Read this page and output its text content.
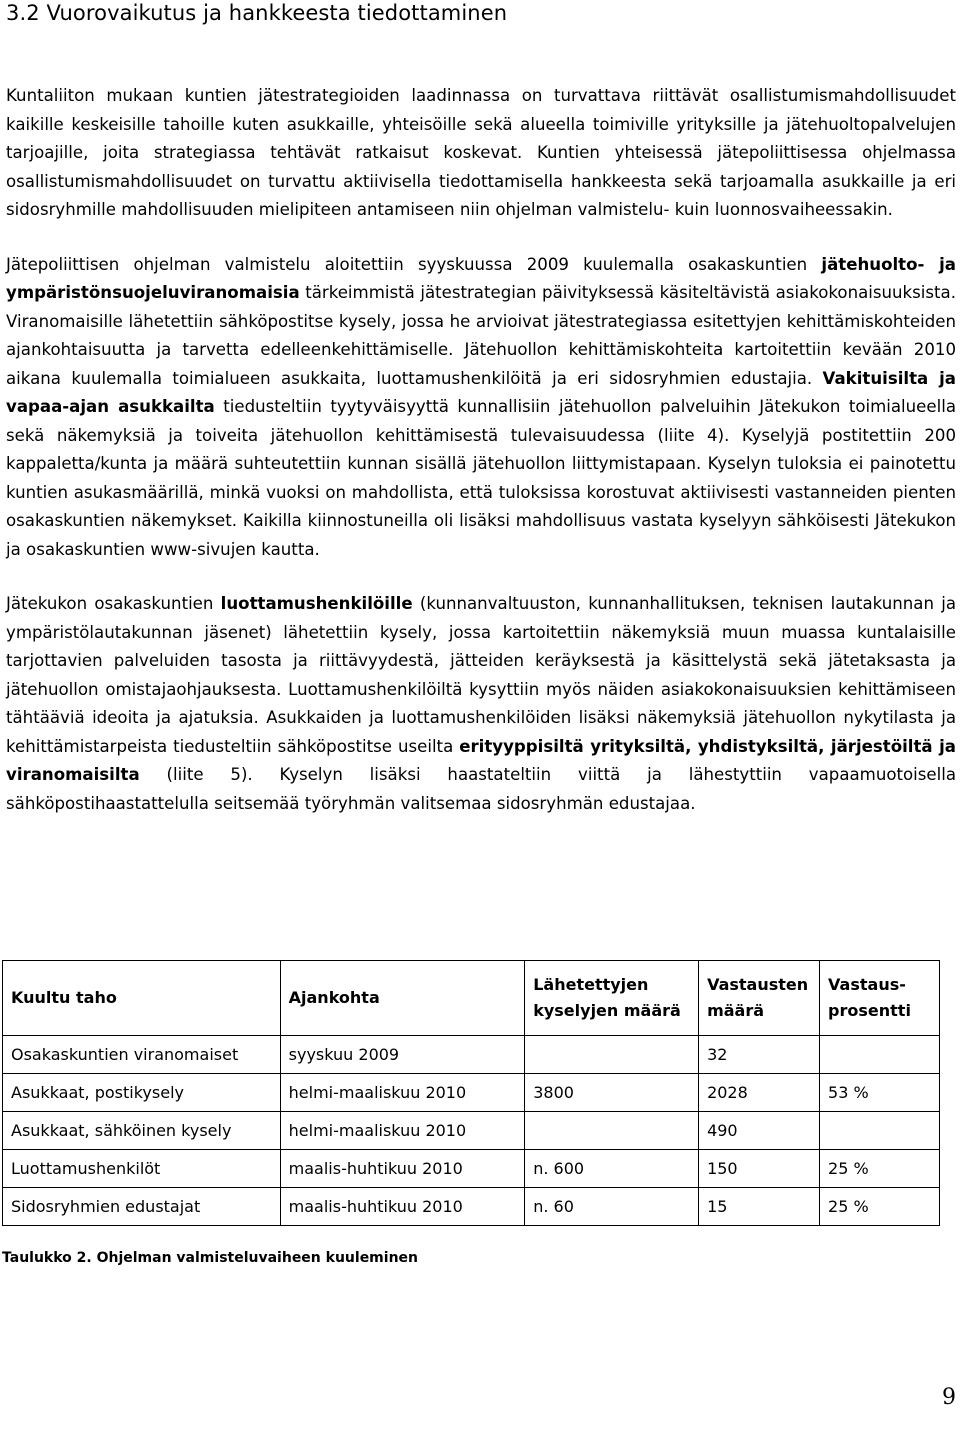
3.2 Vuorovaikutus ja hankkeesta tiedottaminen

Kuntaliiton mukaan kuntien jätestrategioiden laadinnassa on turvattava riittävät osallistumismahdollisuudet kaikille keskeisille tahoille kuten asukkaille, yhteisöille sekä alueella toimiville yrityksille ja jätehuoltopalvelujen tarjoajille, joita strategiassa tehtävät ratkaisut koskevat. Kuntien yhteisessä jätepoliittisessa ohjelmassa osallistumismahdollisuudet on turvattu aktiivisella tiedottamisella hankkeesta sekä tarjoamalla asukkaille ja eri sidosryhmille mahdollisuuden mielipiteen antamiseen niin ohjelman valmistelu- kuin luonnosvaiheessakin.

Jätepoliittisen ohjelman valmistelu aloitettiin syyskuussa 2009 kuulemalla osakaskuntien jätehuolto- ja ympäristönsuojeluviranomaisia tärkeimmistä jätestrategian päivityksessä käsiteltävistä asiakokonaisuuksista. Viranomaisille lähetettiin sähköpostitse kysely, jossa he arvioivat jätestrategiassa esitettyjen kehittämiskohteiden ajankohtaisuutta ja tarvetta edelleenkehittämiselle. Jätehuollon kehittämiskohteita kartoitettiin kevään 2010 aikana kuulemalla toimialueen asukkaita, luottamushenkilöitä ja eri sidosryhmien edustajia. Vakituisilta ja vapaa-ajan asukkailta tiedusteltiin tyytyväisyyttä kunnallisiin jätehuollon palveluihin Jätekukon toimialueella sekä näkemyksiä ja toiveita jätehuollon kehittämisestä tulevaisuudessa (liite 4). Kyselyjä postitettiin 200 kappaletta/kunta ja määrä suhteutettiin kunnan sisällä jätehuollon liittymistapaan. Kyselyn tuloksia ei painotettu kuntien asukasmäärillä, minkä vuoksi on mahdollista, että tuloksissa korostuvat aktiivisesti vastanneiden pienten osakaskuntien näkemykset. Kaikilla kiinnostuneilla oli lisäksi mahdollisuus vastata kyselyyn sähköisesti Jätekukon ja osakaskuntien www-sivujen kautta.

Jätekukon osakaskuntien luottamushenkilöille (kunnanvaltuuston, kunnanhallituksen, teknisen lautakunnan ja ympäristölautakunnan jäsenet) lähetettiin kysely, jossa kartoitettiin näkemyksiä muun muassa kuntalaisille tarjottavien palveluiden tasosta ja riittävyydestä, jätteiden keräyksestä ja käsittelystä sekä jätetaksasta ja jätehuollon omistajaohjauksesta. Luottamushenkilöiltä kysyttiin myös näiden asiakokonaisuuksien kehittämiseen tähtääviä ideoita ja ajatuksia. Asukkaiden ja luottamushenkilöiden lisäksi näkemyksiä jätehuollon nykytilasta ja kehittämistarpeista tiedusteltiin sähköpostitse useilta erityyppisiltä yrityksiltä, yhdistyksiltä, järjestöiltä ja viranomaisilta (liite 5). Kyselyn lisäksi haastateltiin viittä ja lähestyttiin vapaamuotoisella sähköpostihaastattelulla seitsemää työryhmän valitsemaa sidosryhmän edustajaa.

Kuultu taho	Ajankohta	Lähetettyjen kyselyjen määrä	Vastausten määrä	Vastaus-prosentti
Osakaskuntien viranomaiset	syyskuu 2009		32	
Asukkaat, postikysely	helmi-maaliskuu 2010	3800	2028	53 %
Asukkaat, sähköinen kysely	helmi-maaliskuu 2010		490	
Luottamushenkilöt	maalis-huhtikuu 2010	n. 600	150	25 %
Sidosryhmien edustajat	maalis-huhtikuu 2010	n. 60	15	25 %

Taulukko 2. Ohjelman valmisteluvaiheen kuuleminen

9
